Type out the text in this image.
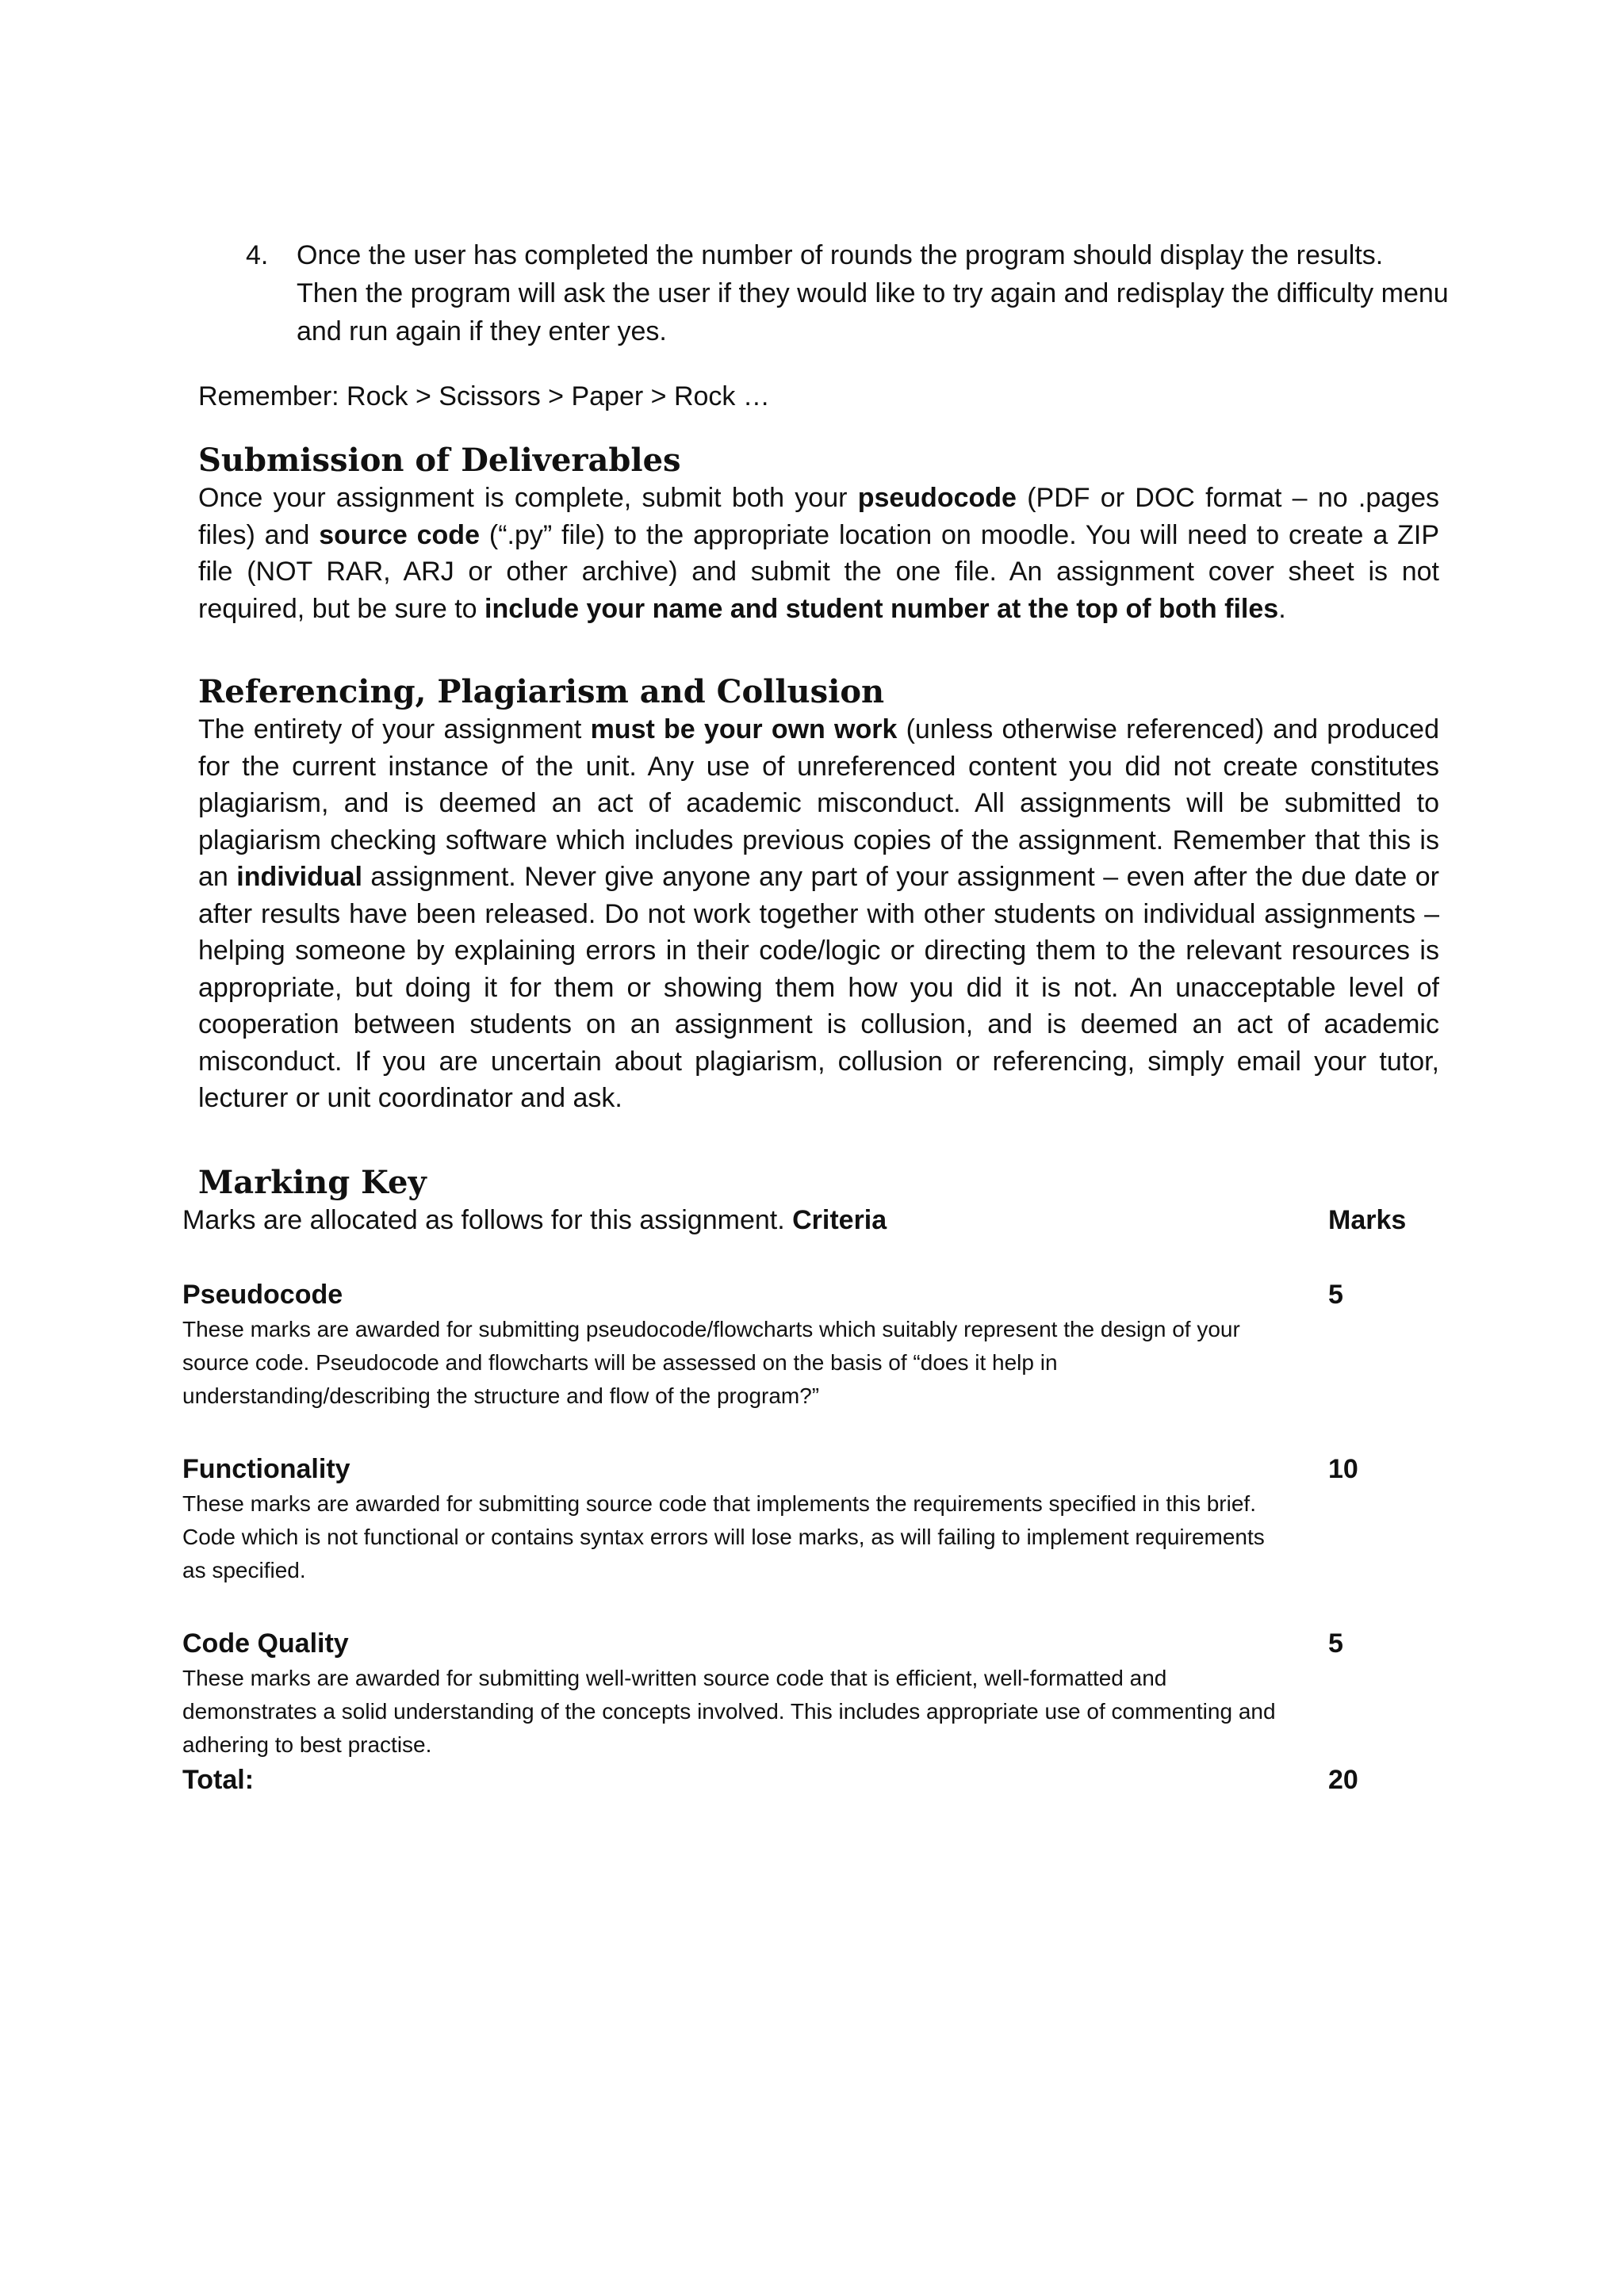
4. Once the user has completed the number of rounds the program should display the results. Then the program will ask the user if they would like to try again and redisplay the difficulty menu and run again if they enter yes.
Remember: Rock > Scissors > Paper > Rock …
Submission of Deliverables
Once your assignment is complete, submit both your pseudocode (PDF or DOC format – no .pages files) and source code (“.py” file) to the appropriate location on moodle. You will need to create a ZIP file (NOT RAR, ARJ or other archive) and submit the one file. An assignment cover sheet is not required, but be sure to include your name and student number at the top of both files.
Referencing, Plagiarism and Collusion
The entirety of your assignment must be your own work (unless otherwise referenced) and produced for the current instance of the unit. Any use of unreferenced content you did not create constitutes plagiarism, and is deemed an act of academic misconduct. All assignments will be submitted to plagiarism checking software which includes previous copies of the assignment. Remember that this is an individual assignment. Never give anyone any part of your assignment – even after the due date or after results have been released. Do not work together with other students on individual assignments – helping someone by explaining errors in their code/logic or directing them to the relevant resources is appropriate, but doing it for them or showing them how you did it is not. An unacceptable level of cooperation between students on an assignment is collusion, and is deemed an act of academic misconduct. If you are uncertain about plagiarism, collusion or referencing, simply email your tutor, lecturer or unit coordinator and ask.
Marking Key
Marks are allocated as follows for this assignment. Criteria	Marks
Pseudocode	5
These marks are awarded for submitting pseudocode/flowcharts which suitably represent the design of your source code. Pseudocode and flowcharts will be assessed on the basis of “does it help in understanding/describing the structure and flow of the program?”
Functionality	10
These marks are awarded for submitting source code that implements the requirements specified in this brief. Code which is not functional or contains syntax errors will lose marks, as will failing to implement requirements as specified.
Code Quality	5
These marks are awarded for submitting well-written source code that is efficient, well-formatted and demonstrates a solid understanding of the concepts involved. This includes appropriate use of commenting and adhering to best practise.
Total:	20
